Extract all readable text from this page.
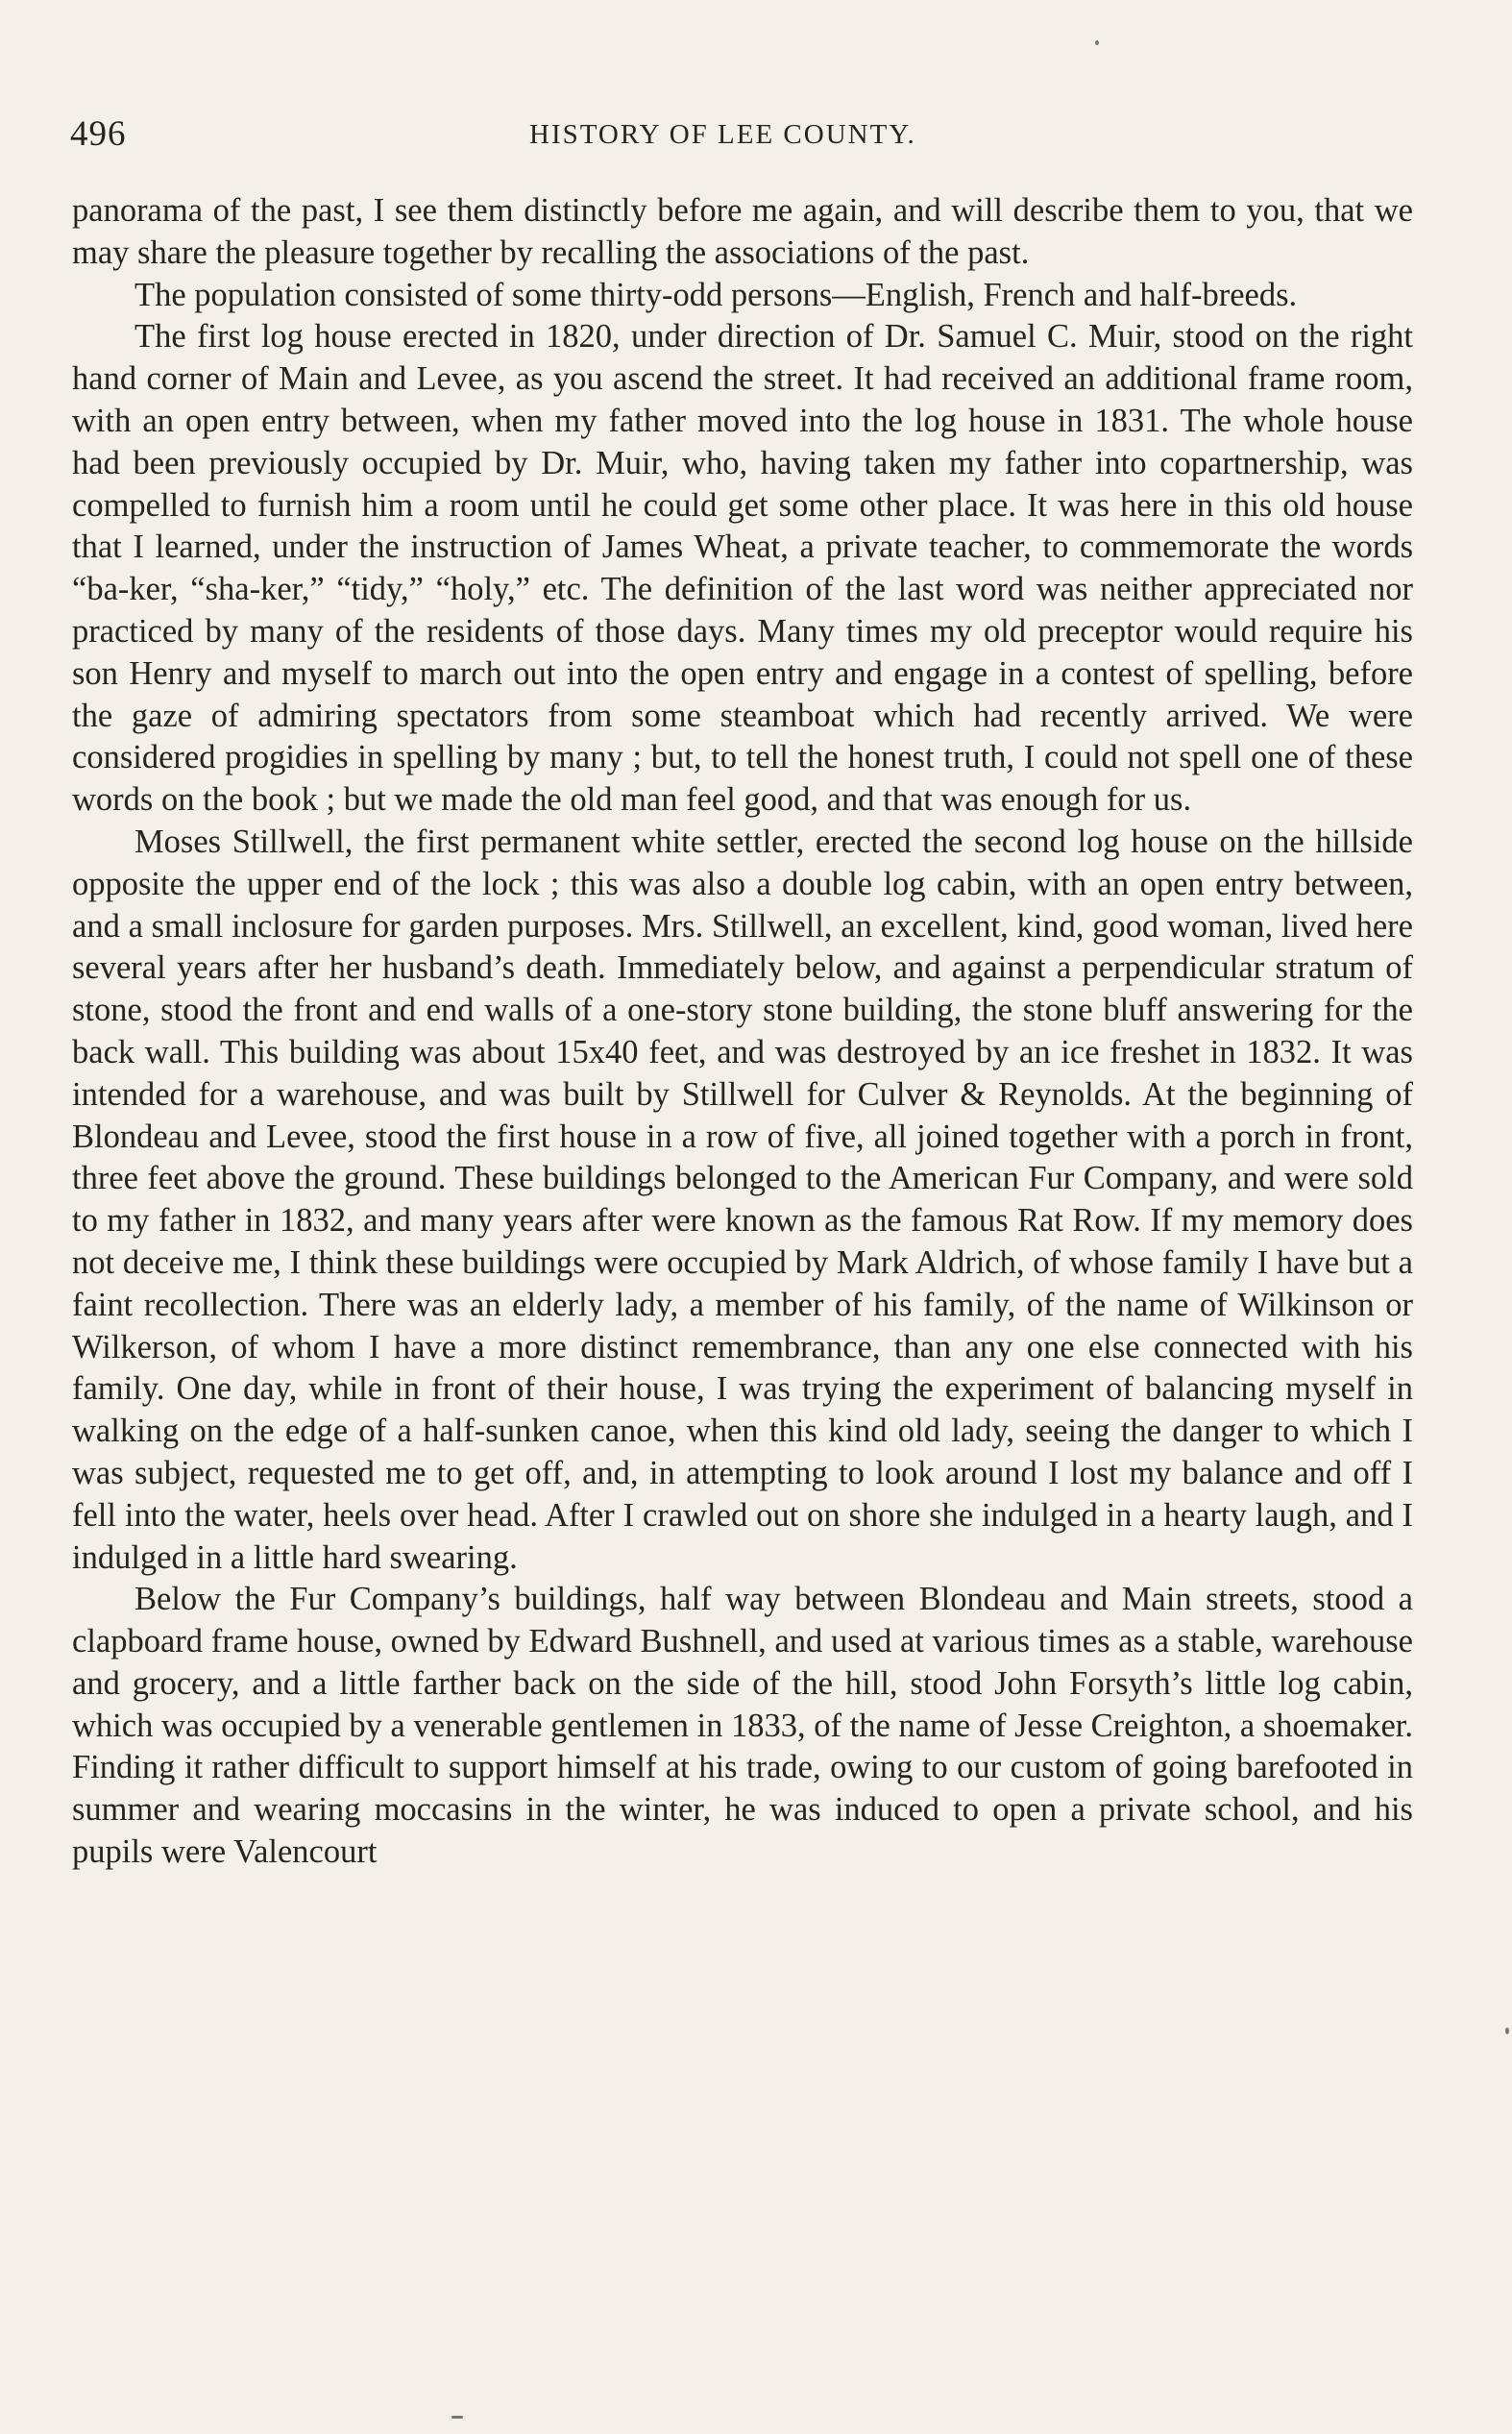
496	HISTORY OF LEE COUNTY.

panorama of the past, I see them distinctly before me again, and will describe them to you, that we may share the pleasure together by recalling the associations of the past.

The population consisted of some thirty-odd persons—English, French and half-breeds.

The first log house erected in 1820, under direction of Dr. Samuel C. Muir, stood on the right hand corner of Main and Levee, as you ascend the street. It had received an additional frame room, with an open entry between, when my father moved into the log house in 1831. The whole house had been previously occupied by Dr. Muir, who, having taken my father into copartnership, was compelled to furnish him a room until he could get some other place. It was here in this old house that I learned, under the instruction of James Wheat, a private teacher, to commemorate the words “ba-ker, “sha-ker,” “tidy,” “holy,” etc. The definition of the last word was neither appreciated nor practiced by many of the residents of those days. Many times my old preceptor would require his son Henry and myself to march out into the open entry and engage in a contest of spelling, before the gaze of admiring spectators from some steamboat which had recently arrived. We were considered progidies in spelling by many ; but, to tell the honest truth, I could not spell one of these words on the book ; but we made the old man feel good, and that was enough for us.

Moses Stillwell, the first permanent white settler, erected the second log house on the hillside opposite the upper end of the lock ; this was also a double log cabin, with an open entry between, and a small inclosure for garden purposes. Mrs. Stillwell, an excellent, kind, good woman, lived here several years after her husband’s death. Immediately below, and against a perpendicular stratum of stone, stood the front and end walls of a one-story stone building, the stone bluff answering for the back wall. This building was about 15x40 feet, and was destroyed by an ice freshet in 1832. It was intended for a warehouse, and was built by Stillwell for Culver & Reynolds. At the beginning of Blondeau and Levee, stood the first house in a row of five, all joined together with a porch in front, three feet above the ground. These buildings belonged to the American Fur Company, and were sold to my father in 1832, and many years after were known as the famous Rat Row. If my memory does not deceive me, I think these buildings were occupied by Mark Aldrich, of whose family I have but a faint recollection. There was an elderly lady, a member of his family, of the name of Wilkinson or Wilkerson, of whom I have a more distinct remembrance, than any one else connected with his family. One day, while in front of their house, I was trying the experiment of balancing myself in walking on the edge of a half-sunken canoe, when this kind old lady, seeing the danger to which I was subject, requested me to get off, and, in attempting to look around I lost my balance and off I fell into the water, heels over head. After I crawled out on shore she indulged in a hearty laugh, and I indulged in a little hard swearing.

Below the Fur Company’s buildings, half way between Blondeau and Main streets, stood a clapboard frame house, owned by Edward Bushnell, and used at various times as a stable, warehouse and grocery, and a little farther back on the side of the hill, stood John Forsyth’s little log cabin, which was occupied by a venerable gentlemen in 1833, of the name of Jesse Creighton, a shoemaker. Finding it rather difficult to support himself at his trade, owing to our custom of going barefooted in summer and wearing moccasins in the winter, he was induced to open a private school, and his pupils were Valencourt
